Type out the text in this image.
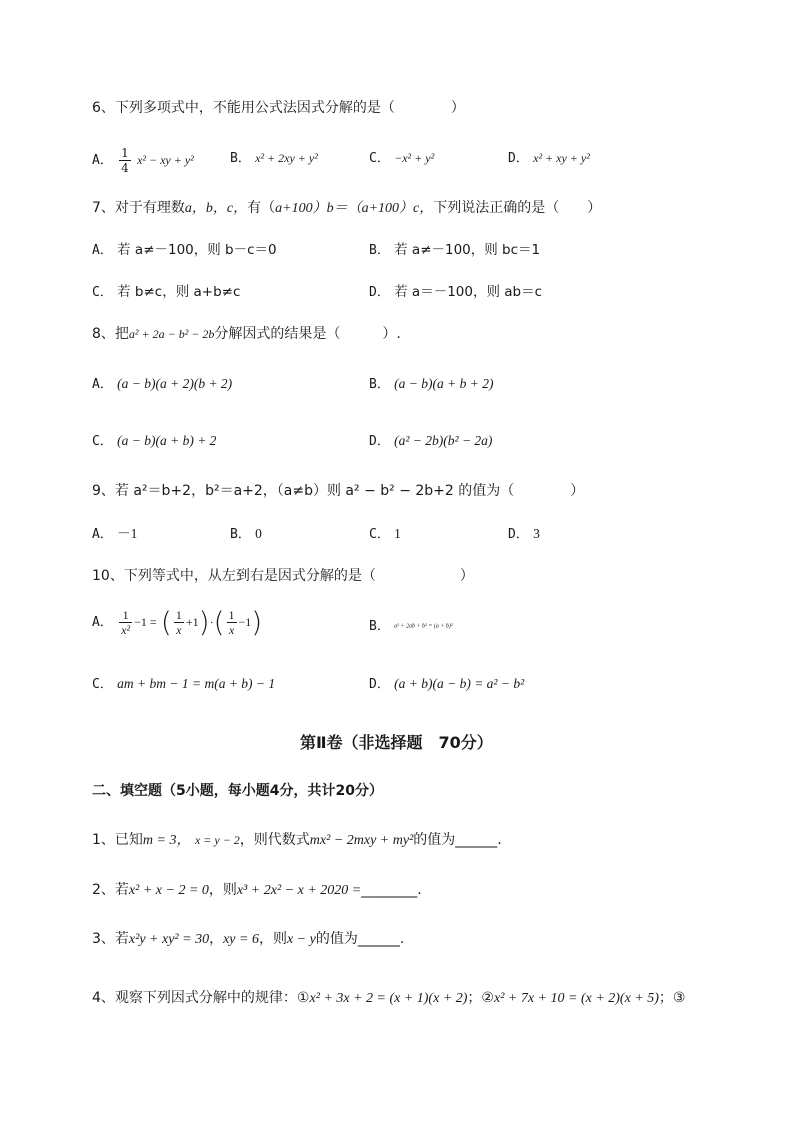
6、下列多项式中，不能用公式法因式分解的是（　　　　）
A． $\frac{1}{4} x^2$ − xy + y²	B． x² + 2xy + y²	C． −x² + y²	D． x² + xy + y²
7、对于有理数a，b，c，有（a+100）b＝（a+100）c，下列说法正确的是（　　）
A． 若 a≠－100，则 b－c＝0	B． 若 a≠－100，则 bc＝1
C． 若 b≠c，则 a+b≠c	D． 若 a＝－100，则 ab＝c
8、把a² + 2a − b² − 2b分解因式的结果是（　　　）.
A． (a − b)(a + 2)(b + 2)	B． (a − b)(a + b + 2)
C． (a − b)(a + b) + 2	D． (a² − 2b)(b² − 2a)
9、若 a²＝b+2，b²＝a+2，（a≠b）则 a² − b² − 2b+2 的值为（　　　　）
A． －1	B． 0	C． 1	D． 3
10、下列等式中，从左到右是因式分解的是（　　　　　　）
A． $\frac{1}{\text{x²}} -1$ = ( $\frac{1}{x} +1)\cdot( \frac{1}{x} -1)$	B． a² + 2ab + b² = (a + b)²
C． am + bm − 1 = m(a + b) − 1	D． (a + b)(a − b) = a² − b²
第Ⅱ卷（非选择题　70分）
二、填空题（5小题，每小题4分，共计20分）
1、已知m = 3， x = y − 2，则代数式mx² − 2mxy + my²的值为______.
2、若x² + x − 2 = 0，则x³ + 2x² − x + 2020 =________.
3、若x²y + xy² = 30，xy = 6，则x − y的值为______.
4、观察下列因式分解中的规律：①x² + 3x + 2 = (x + 1)(x + 2)；②x² + 7x + 10 = (x + 2)(x + 5)；③
